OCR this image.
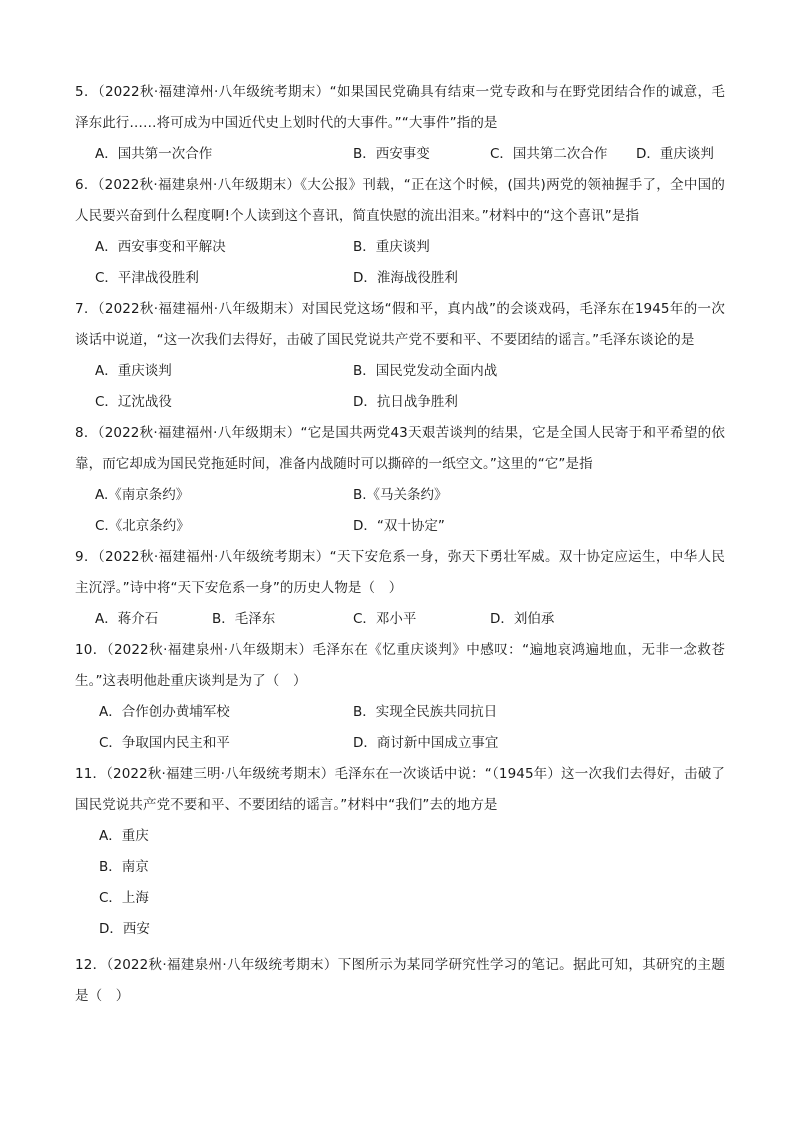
5．（2022秋·福建漳州·八年级统考期末）“如果国民党确具有结束一党专政和与在野党团结合作的诚意，毛泽东此行……将可成为中国近代史上划时代的大事件。”“大事件”指的是
A．国共第一次合作	B．西安事变	C．国共第二次合作 D．重庆谈判
6．（2022秋·福建泉州·八年级期末）《大公报》刊载，“正在这个时候，(国共)两党的领袖握手了，全中国的人民要兴奋到什么程度啊!个人读到这个喜讯，简直快慰的流出泪来。”材料中的“这个喜讯”是指
A．西安事变和平解决	B．重庆谈判
C．平津战役胜利	D．淮海战役胜利
7．（2022秋·福建福州·八年级期末）对国民党这场“假和平，真内战”的会谈戏码，毛泽东在1945年的一次谈话中说道，“这一次我们去得好，击破了国民党说共产党不要和平、不要团结的谣言。”毛泽东谈论的是
A．重庆谈判	B．国民党发动全面内战
C．辽沈战役	D．抗日战争胜利
8．（2022秋·福建福州·八年级期末）“它是国共两党43天艰苦谈判的结果，它是全国人民寄于和平希望的依靠，而它却成为国民党拖延时间，准备内战随时可以撕碎的一纸空文。”这里的“它”是指
A.《南京条约》	B.《马关条约》
C.《北京条约》	D．“双十协定”
9．（2022秋·福建福州·八年级统考期末）“天下安危系一身，弥天下勇壮军威。双十协定应运生，中华人民主沉浮。”诗中将“天下安危系一身”的历史人物是（　）
A．蒋介石	B．毛泽东	C．邓小平	D．刘伯承
10．（2022秋·福建泉州·八年级期末）毛泽东在《忆重庆谈判》中感叹：“遍地哀鸿遍地血，无非一念救苍生。”这表明他赴重庆谈判是为了（　）
A．合作创办黄埔军校	B．实现全民族共同抗日
C．争取国内民主和平	D．商讨新中国成立事宜
11．（2022秋·福建三明·八年级统考期末）毛泽东在一次谈话中说：“（1945年）这一次我们去得好，击破了国民党说共产党不要和平、不要团结的谣言。”材料中“我们”去的地方是
A．重庆
B．南京
C．上海
D．西安
12．（2022秋·福建泉州·八年级统考期末）下图所示为某同学研究性学习的笔记。据此可知，其研究的主题是（　）
